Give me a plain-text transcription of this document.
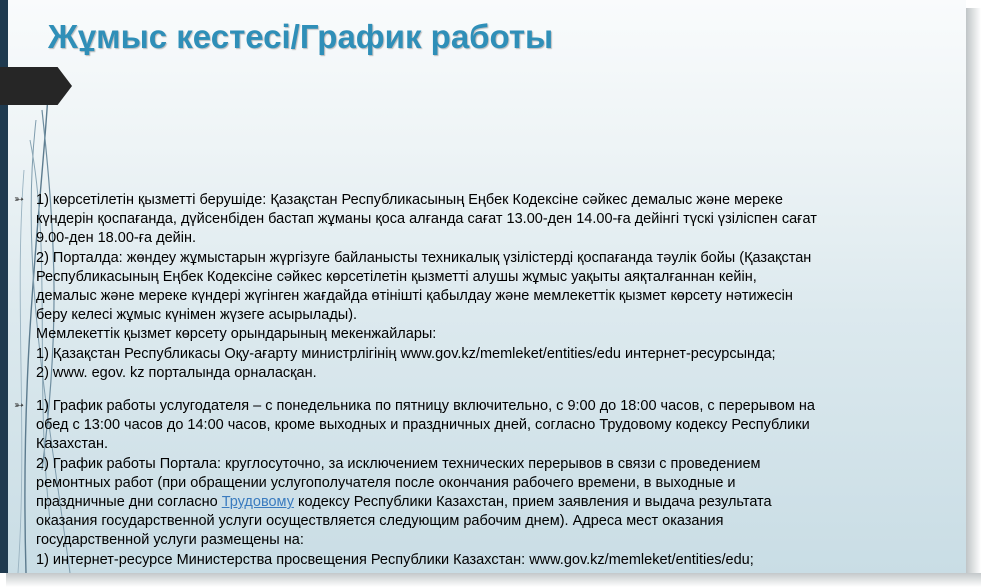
Жұмыс кестесі/График работы
➳ 1) көрсетілетін қызметті берушіде: Қазақстан Республикасының Еңбек Кодексіне сәйкес демалыс және мереке
күндерін қоспағанда, дүйсенбіден бастап жұманы қоса алғанда сағат 13.00-ден 14.00-ға дейінгі түскі үзіліспен сағат
9.00-ден 18.00-ға дейін.
2) Порталда: жөндеу жұмыстарын жүргізуге байланысты техникалық үзілістерді қоспағанда тәулік бойы (Қазақстан
Республикасының Еңбек Кодексіне сәйкес көрсетілетін қызметті алушы жұмыс уақыты аяқталғаннан кейін,
демалыс және мереке күндері жүгінген жағдайда өтінішті қабылдау және мемлекеттік қызмет көрсету нәтижесін
беру келесі жұмыс күнімен жүзеге асырылады).
Мемлекеттік қызмет көрсету орындарының мекенжайлары:
1) Қазақстан Республикасы Оқу-ағарту министрлігінің www.gov.kz/memleket/entities/edu интернет-ресурсында;
2) www. egov. kz порталында орналасқан.
➳ 1) График работы услугодателя – с понедельника по пятницу включительно, с 9:00 до 18:00 часов, с перерывом на
обед с 13:00 часов до 14:00 часов, кроме выходных и праздничных дней, согласно Трудовому кодексу Республики
Казахстан.
2) График работы Портала: круглосуточно, за исключением технических перерывов в связи с проведением
ремонтных работ (при обращении услугополучателя после окончания рабочего времени, в выходные и
праздничные дни согласно Трудовому кодексу Республики Казахстан, прием заявления и выдача результата
оказания государственной услуги осуществляется следующим рабочим днем). Адреса мест оказания
государственной услуги размещены на:
1) интернет-ресурсе Министерства просвещения Республики Казахстан: www.gov.kz/memleket/entities/edu;
